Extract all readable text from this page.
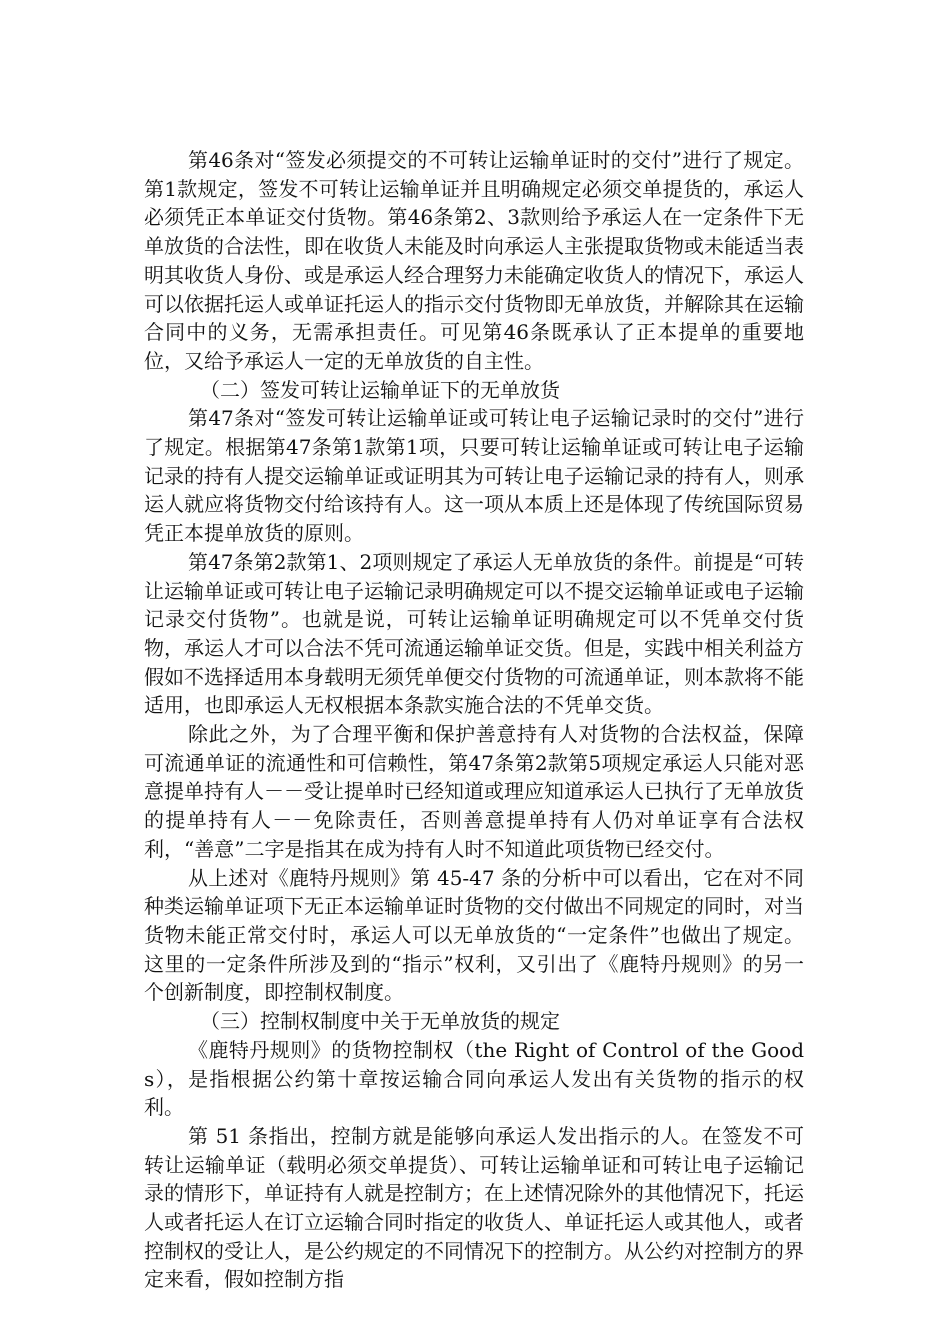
第46条对“签发必须提交的不可转让运输单证时的交付”进行了规定。第1款规定，签发不可转让运输单证并且明确规定必须交单提货的，承运人必须凭正本单证交付货物。第46条第2、3款则给予承运人在一定条件下无单放货的合法性，即在收货人未能及时向承运人主张提取货物或未能适当表明其收货人身份、或是承运人经合理努力未能确定收货人的情况下，承运人可以依据托运人或单证托运人的指示交付货物即无单放货，并解除其在运输合同中的义务，无需承担责任。可见第46条既承认了正本提单的重要地位，又给予承运人一定的无单放货的自主性。

（二）签发可转让运输单证下的无单放货

第47条对“签发可转让运输单证或可转让电子运输记录时的交付”进行了规定。根据第47条第1款第1项，只要可转让运输单证或可转让电子运输记录的持有人提交运输单证或证明其为可转让电子运输记录的持有人，则承运人就应将货物交付给该持有人。这一项从本质上还是体现了传统国际贸易凭正本提单放货的原则。

第47条第2款第1、2项则规定了承运人无单放货的条件。前提是“可转让运输单证或可转让电子运输记录明确规定可以不提交运输单证或电子运输记录交付货物”。也就是说，可转让运输单证明确规定可以不凭单交付货物，承运人才可以合法不凭可流通运输单证交货。但是，实践中相关利益方假如不选择适用本身载明无须凭单便交付货物的可流通单证，则本款将不能适用，也即承运人无权根据本条款实施合法的不凭单交货。

除此之外，为了合理平衡和保护善意持有人对货物的合法权益，保障可流通单证的流通性和可信赖性，第47条第2款第5项规定承运人只能对恶意提单持有人－－受让提单时已经知道或理应知道承运人已执行了无单放货的提单持有人－－免除责任，否则善意提单持有人仍对单证享有合法权利，“善意”二字是指其在成为持有人时不知道此项货物已经交付。

从上述对《鹿特丹规则》第 45-47 条的分析中可以看出，它在对不同种类运输单证项下无正本运输单证时货物的交付做出不同规定的同时，对当货物未能正常交付时，承运人可以无单放货的“一定条件”也做出了规定。这里的一定条件所涉及到的“指示”权利，又引出了《鹿特丹规则》的另一个创新制度，即控制权制度。

（三）控制权制度中关于无单放货的规定

《鹿特丹规则》的货物控制权（the Right of Control of the Goods），是指根据公约第十章按运输合同向承运人发出有关货物的指示的权利。

第 51 条指出，控制方就是能够向承运人发出指示的人。在签发不可转让运输单证（载明必须交单提货）、可转让运输单证和可转让电子运输记录的情形下，单证持有人就是控制方；在上述情况除外的其他情况下，托运人或者托运人在订立运输合同时指定的收货人、单证托运人或其他人，或者控制权的受让人，是公约规定的不同情况下的控制方。从公约对控制方的界定来看，假如控制方指
